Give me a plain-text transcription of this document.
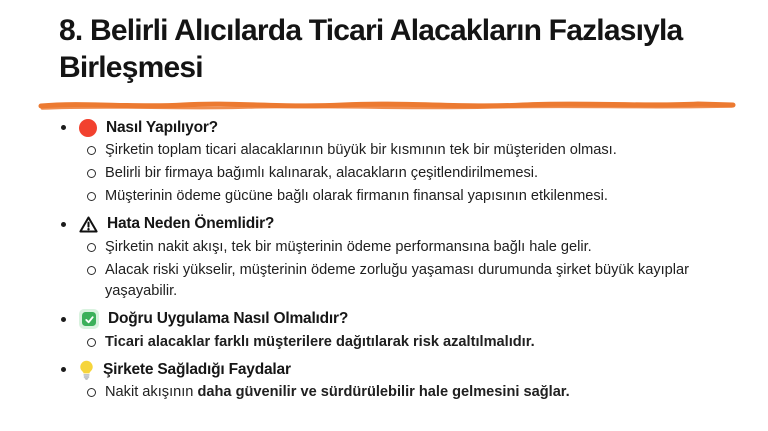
8. Belirli Alıcılarda Ticari Alacakların Fazlasıyla Birleşmesi
Nasıl Yapılıyor?
Şirketin toplam ticari alacaklarının büyük bir kısmının tek bir müşteriden olması.
Belirli bir firmaya bağımlı kalınarak, alacakların çeşitlendirilmemesi.
Müşterinin ödeme gücüne bağlı olarak firmanın finansal yapısının etkilenmesi.
Hata Neden Önemlidir?
Şirketin nakit akışı, tek bir müşterinin ödeme performansına bağlı hale gelir.
Alacak riski yükselir, müşterinin ödeme zorluğu yaşaması durumunda şirket büyük kayıplar yaşayabilir.
Doğru Uygulama Nasıl Olmalıdır?
Ticari alacaklar farklı müşterilere dağıtılarak risk azaltılmalıdır.
Şirkete Sağladığı Faydalar
Nakit akışının daha güvenilir ve sürdürülebilir hale gelmesini sağlar.
